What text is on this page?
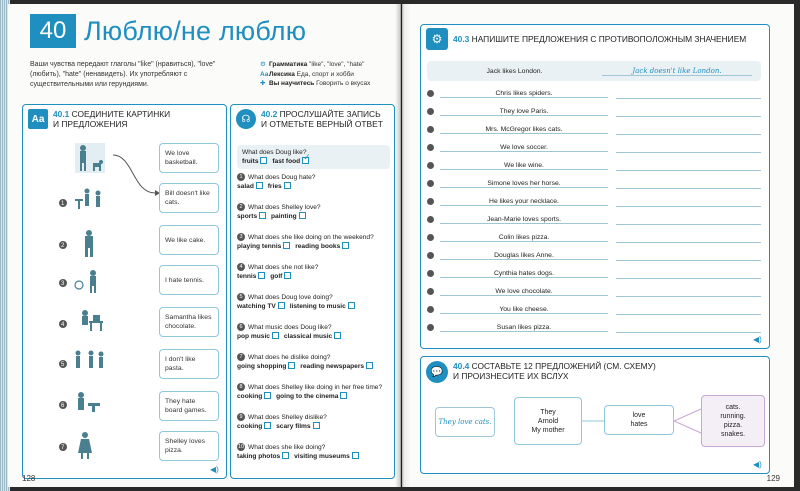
40 Люблю/не люблю
Ваши чувства передают глаголы "like" (нравиться), "love" (любить), "hate" (ненавидеть). Их употребляют с существительными или герундиями.
⚙ Грамматика "like", "love", "hate"
AaЛексика Еда, спорт и хобби
✚ Вы научитесь Говорить о вкусах
Aa	40.1 СОЕДИНИТЕ КАРТИНКИ
И ПРЕДЛОЖЕНИЯ
1
2
3
4
5
6
7
We love basketball.
Bill doesn't like cats.
We like cake.
I hate tennis.
Samantha likes chocolate.
I don't like pasta.
They hate board games.
Shelley loves pizza.
◀)
☊	40.2 ПРОСЛУШАЙТЕ ЗАПИСЬ
И ОТМЕТЬТЕ ВЕРНЫЙ ОТВЕТ
What does Doug like?
fruits fast food✓
1 What does Doug hate?
salad fries
2 What does Shelley love?
sports painting
3 What does she like doing on the weekend?
playing tennis reading books
4 What does she not like?
tennis golf
5 What does Doug love doing?
watching TV listening to music
6 What music does Doug like?
pop music classical music
7 What does he dislike doing?
going shopping reading newspapers
8 What does Shelley like doing in her free time?
cooking going to the cinema
9 What does Shelley dislike?
cooking scary films
10 What does she like doing?
taking photos visiting museums
128
⚙	40.3 НАПИШИТЕ ПРЕДЛОЖЕНИЯ С ПРОТИВОПОЛОЖНЫМ ЗНАЧЕНИЕМ
Jack likes London.	Jack doesn't like London.
Chris likes spiders.
They love Paris.
Mrs. McGregor likes cats.
We love soccer.
We like wine.
Simone loves her horse.
He likes your necklace.
Jean-Marie loves sports.
Colin likes pizza.
Douglas likes Anne.
Cynthia hates dogs.
We love chocolate.
You like cheese.
Susan likes pizza.
◀)
💬
40.4 СОСТАВЬТЕ 12 ПРЕДЛОЖЕНИЙ (СМ. СХЕМУ)
И ПРОИЗНЕСИТЕ ИХ ВСЛУХ
They love cats.
They
Arnold
My mother
love
hates
cats.
running.
pizza.
snakes.
◀)
129
